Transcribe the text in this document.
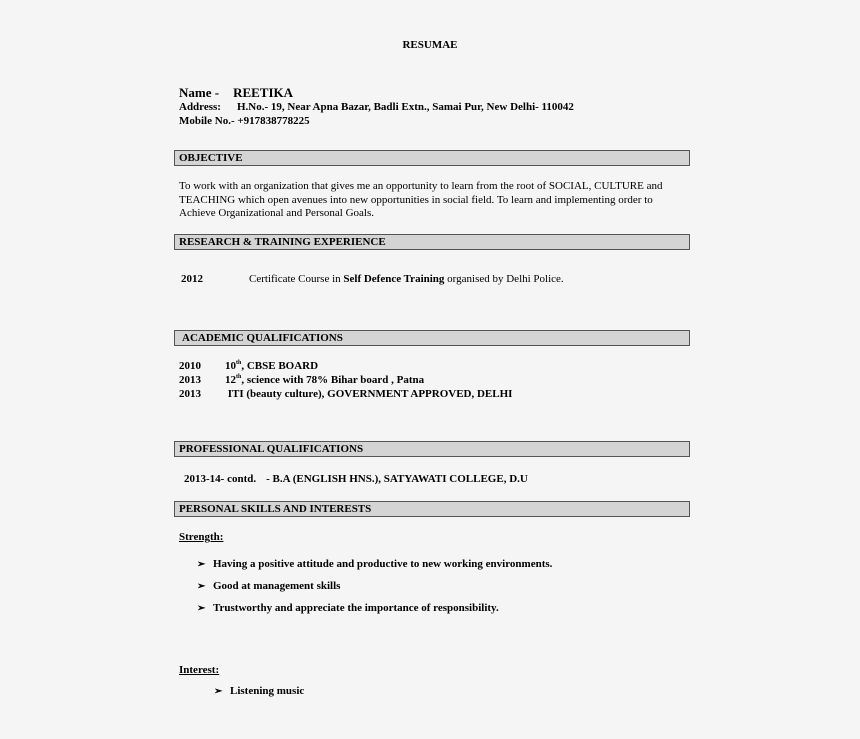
RESUMAE
Name - REETIKA
Address: H.No.- 19, Near Apna Bazar, Badli Extn., Samai Pur, New Delhi- 110042
Mobile No.- +917838778225
OBJECTIVE
To work with an organization that gives me an opportunity to learn from the root of SOCIAL, CULTURE and TEACHING which open avenues into new opportunities in social field. To learn and implementing order to Achieve Organizational and Personal Goals.
RESEARCH & TRAINING EXPERIENCE
2012	Certificate Course in Self Defence Training organised by Delhi Police.
ACADEMIC QUALIFICATIONS
2010 10th, CBSE BOARD
2013 12th, science with 78% Bihar board , Patna
2013 ITI (beauty culture), GOVERNMENT APPROVED, DELHI
PROFESSIONAL QUALIFICATIONS
2013-14- contd. - B.A (ENGLISH HNS.), SATYAWATI COLLEGE, D.U
PERSONAL SKILLS AND INTERESTS
Strength:
➢ Having a positive attitude and productive to new working environments.
➢ Good at management skills
➢ Trustworthy and appreciate the importance of responsibility.
Interest:
➢ Listening music
